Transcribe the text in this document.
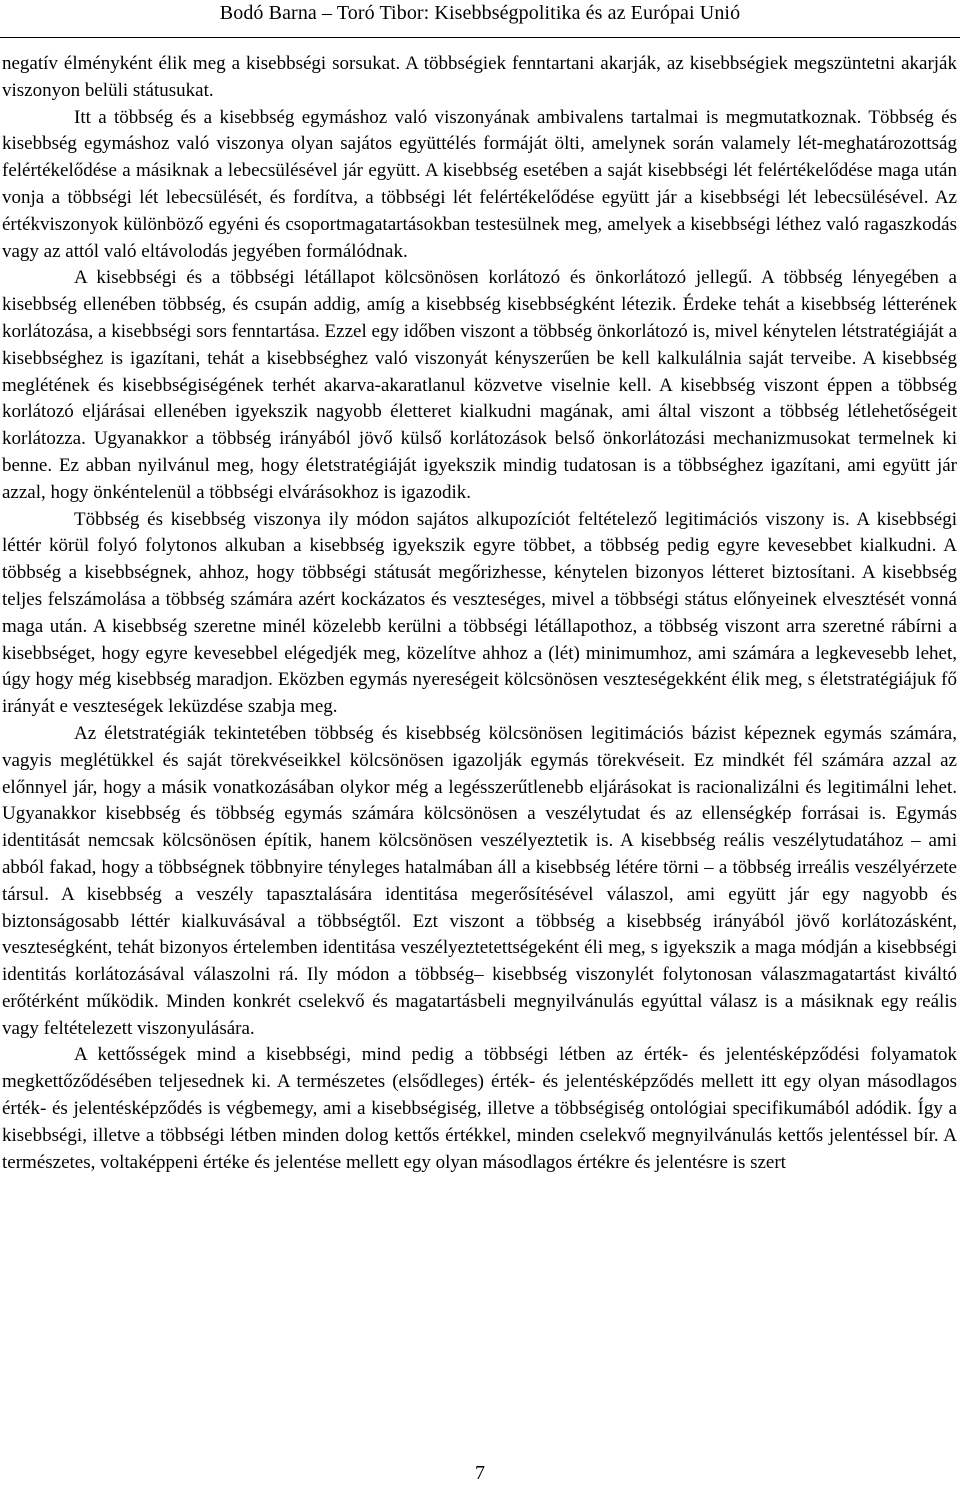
Bodó Barna – Toró Tibor: Kisebbségpolitika és az Európai Unió

negatív élményként élik meg a kisebbségi sorsukat. A többségiek fenntartani akarják, az kisebbségiek megszüntetni akarják viszonyon belüli státusukat.

Itt a többség és a kisebbség egymáshoz való viszonyának ambivalens tartalmai is megmutatkoznak. Többség és kisebbség egymáshoz való viszonya olyan sajátos együttélés formáját ölti, amelynek során valamely lét-meghatározottság felértékelődése a másiknak a lebecsülésével jár együtt. A kisebbség esetében a saját kisebbségi lét felértékelődése maga után vonja a többségi lét lebecsülését, és fordítva, a többségi lét felértékelődése együtt jár a kisebbségi lét lebecsülésével. Az értékviszonyok különböző egyéni és csoportmagatartásokban testesülnek meg, amelyek a kisebbségi léthez való ragaszkodás vagy az attól való eltávolodás jegyében formálódnak.

A kisebbségi és a többségi létállapot kölcsönösen korlátozó és önkorlátozó jellegű. A többség lényegében a kisebbség ellenében többség, és csupán addig, amíg a kisebbség kisebbségként létezik. Érdeke tehát a kisebbség létterének korlátozása, a kisebbségi sors fenntartása. Ezzel egy időben viszont a többség önkorlátozó is, mivel kénytelen létstratégiáját a kisebbséghez is igazítani, tehát a kisebbséghez való viszonyát kényszerűen be kell kalkulálnia saját terveibe. A kisebbség meglétének és kisebbségiségének terhét akarva-akaratlanul közvetve viselnie kell. A kisebbség viszont éppen a többség korlátozó eljárásai ellenében igyekszik nagyobb életteret kialkudni magának, ami által viszont a többség létlehetőségeit korlátozza. Ugyanakkor a többség irányából jövő külső korlátozások belső önkorlátozási mechanizmusokat termelnek ki benne. Ez abban nyilvánul meg, hogy életstratégiáját igyekszik mindig tudatosan is a többséghez igazítani, ami együtt jár azzal, hogy önkéntelenül a többségi elvárásokhoz is igazodik.

Többség és kisebbség viszonya ily módon sajátos alkupozíciót feltételező legitimációs viszony is. A kisebbségi léttér körül folyó folytonos alkuban a kisebbség igyekszik egyre többet, a többség pedig egyre kevesebbet kialkudni. A többség a kisebbségnek, ahhoz, hogy többségi státusát megőrizhesse, kénytelen bizonyos létteret biztosítani. A kisebbség teljes felszámolása a többség számára azért kockázatos és veszteséges, mivel a többségi státus előnyeinek elvesztését vonná maga után. A kisebbség szeretne minél közelebb kerülni a többségi létállapothoz, a többség viszont arra szeretné rábírni a kisebbséget, hogy egyre kevesebbel elégedjék meg, közelítve ahhoz a (lét) minimumhoz, ami számára a legkevesebb lehet, úgy hogy még kisebbség maradjon. Eközben egymás nyereségeit kölcsönösen veszteségekként élik meg, s életstratégiájuk fő irányát e veszteségek leküzdése szabja meg.

Az életstratégiák tekintetében többség és kisebbség kölcsönösen legitimációs bázist képeznek egymás számára, vagyis meglétükkel és saját törekvéseikkel kölcsönösen igazolják egymás törekvéseit. Ez mindkét fél számára azzal az előnnyel jár, hogy a másik vonatkozásában olykor még a legésszerűtlenebb eljárásokat is racionalizálni és legitimálni lehet. Ugyanakkor kisebbség és többség egymás számára kölcsönösen a veszélytudat és az ellenségkép forrásai is. Egymás identitását nemcsak kölcsönösen építik, hanem kölcsönösen veszélyeztetik is. A kisebbség reális veszélytudatához – ami abból fakad, hogy a többségnek többnyire tényleges hatalmában áll a kisebbség létére törni – a többség irreális veszélyérzete társul. A kisebbség a veszély tapasztalására identitása megerősítésével válaszol, ami együtt jár egy nagyobb és biztonságosabb léttér kialkuvásával a többségtől. Ezt viszont a többség a kisebbség irányából jövő korlátozásként, veszteségként, tehát bizonyos értelemben identitása veszélyeztetettségeként éli meg, s igyekszik a maga módján a kisebbségi identitás korlátozásával válaszolni rá. Ily módon a többség– kisebbség viszonylét folytonosan válaszmagatartást kiváltó erőtérként működik. Minden konkrét cselekvő és magatartásbeli megnyilvánulás egyúttal válasz is a másiknak egy reális vagy feltételezett viszonyulására.

A kettősségek mind a kisebbségi, mind pedig a többségi létben az érték- és jelentésképződési folyamatok megkettőződésében teljesednek ki. A természetes (elsődleges) érték- és jelentésképződés mellett itt egy olyan másodlagos érték- és jelentésképződés is végbemegy, ami a kisebbségiség, illetve a többségiség ontológiai specifikumából adódik. Így a kisebbségi, illetve a többségi létben minden dolog kettős értékkel, minden cselekvő megnyilvánulás kettős jelentéssel bír. A természetes, voltaképpeni értéke és jelentése mellett egy olyan másodlagos értékre és jelentésre is szert

7
